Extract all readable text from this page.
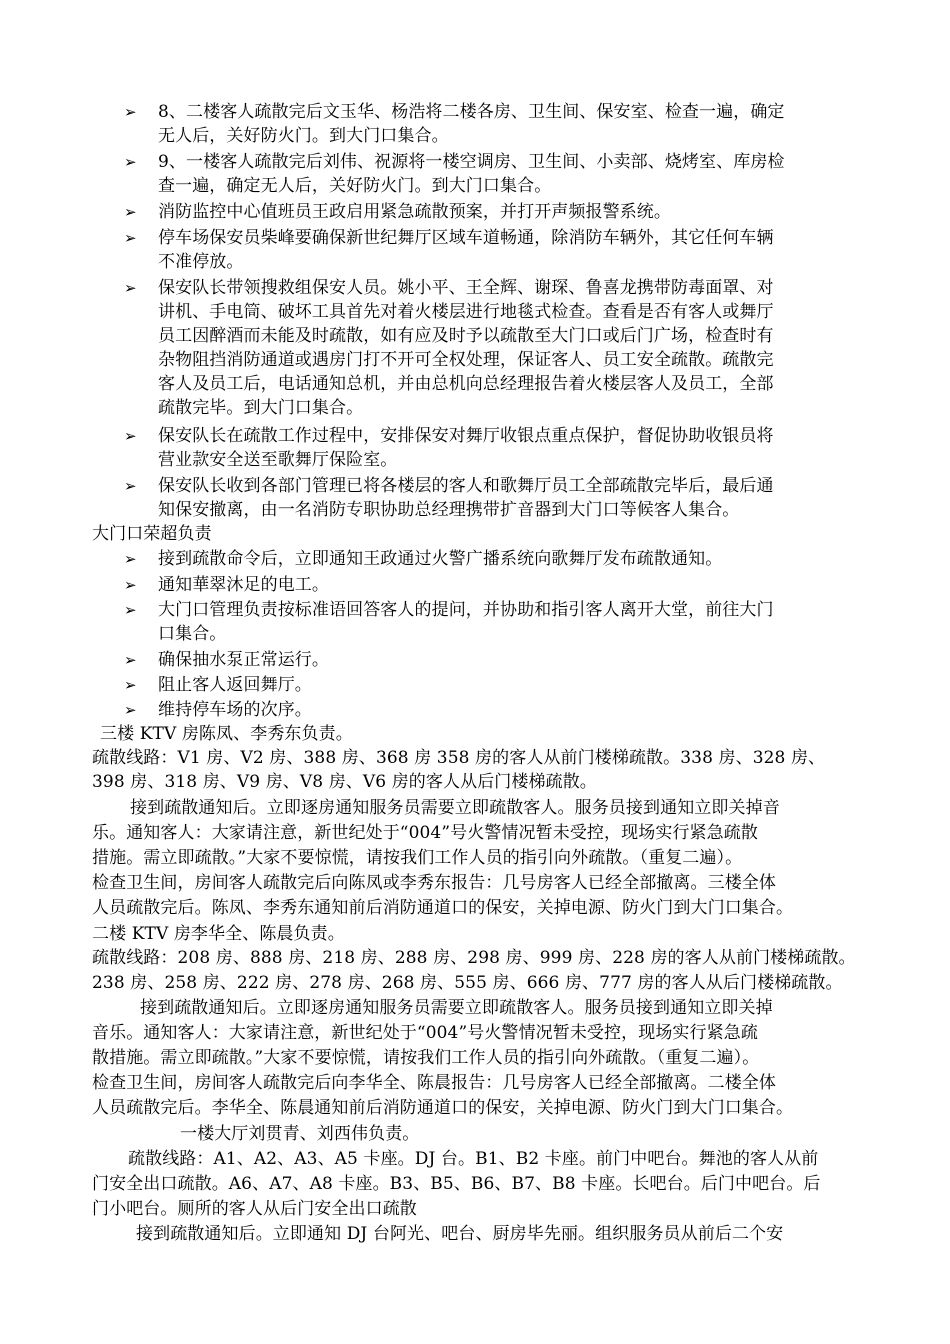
➢ 8、二楼客人疏散完后文玉华、杨浩将二楼各房、卫生间、保安室、检查一遍，确定
无人后，关好防火门。到大门口集合。
➢ 9、一楼客人疏散完后刘伟、祝源将一楼空调房、卫生间、小卖部、烧烤室、库房检
查一遍，确定无人后，关好防火门。到大门口集合。
➢ 消防监控中心值班员王政启用紧急疏散预案，并打开声频报警系统。
➢ 停车场保安员柴峰要确保新世纪舞厅区域车道畅通，除消防车辆外，其它任何车辆
不准停放。
➢ 保安队长带领搜救组保安人员。姚小平、王全辉、谢琛、鲁喜龙携带防毒面罩、对
讲机、手电筒、破坏工具首先对着火楼层进行地毯式检查。查看是否有客人或舞厅
员工因醉酒而未能及时疏散，如有应及时予以疏散至大门口或后门广场，检查时有
杂物阻挡消防通道或遇房门打不开可全权处理，保证客人、员工安全疏散。疏散完
客人及员工后，电话通知总机，并由总机向总经理报告着火楼层客人及员工，全部
疏散完毕。到大门口集合。
➢ 保安队长在疏散工作过程中，安排保安对舞厅收银点重点保护，督促协助收银员将
营业款安全送至歌舞厅保险室。
➢ 保安队长收到各部门管理已将各楼层的客人和歌舞厅员工全部疏散完毕后，最后通
知保安撤离，由一名消防专职协助总经理携带扩音器到大门口等候客人集合。
大门口荣超负责
➢ 接到疏散命令后，立即通知王政通过火警广播系统向歌舞厅发布疏散通知。
➢ 通知華翠沐足的电工。
➢ 大门口管理负责按标准语回答客人的提问，并协助和指引客人离开大堂，前往大门
口集合。
➢ 确保抽水泵正常运行。
➢ 阻止客人返回舞厅。
➢ 维持停车场的次序。
三楼 KTV 房陈凤、李秀东负责。
疏散线路：V1 房、V2 房、388 房、368 房 358 房的客人从前门楼梯疏散。338 房、328 房、
398 房、318 房、V9 房、V8 房、V6 房的客人从后门楼梯疏散。
接到疏散通知后。立即逐房通知服务员需要立即疏散客人。服务员接到通知立即关掉音
乐。通知客人：大家请注意，新世纪处于“004”号火警情况暂未受控，现场实行紧急疏散
措施。需立即疏散。”大家不要惊慌，请按我们工作人员的指引向外疏散。（重复二遍）。
检查卫生间，房间客人疏散完后向陈凤或李秀东报告：几号房客人已经全部撤离。三楼全体
人员疏散完后。陈凤、李秀东通知前后消防通道口的保安，关掉电源、防火门到大门口集合。
二楼 KTV 房李华全、陈晨负责。
疏散线路：208 房、888 房、218 房、288 房、298 房、999 房、228 房的客人从前门楼梯疏散。
238 房、258 房、222 房、278 房、268 房、555 房、666 房、777 房的客人从后门楼梯疏散。
接到疏散通知后。立即逐房通知服务员需要立即疏散客人。服务员接到通知立即关掉
音乐。通知客人：大家请注意，新世纪处于“004”号火警情况暂未受控，现场实行紧急疏
散措施。需立即疏散。”大家不要惊慌，请按我们工作人员的指引向外疏散。（重复二遍）。
检查卫生间，房间客人疏散完后向李华全、陈晨报告：几号房客人已经全部撤离。二楼全体
人员疏散完后。李华全、陈晨通知前后消防通道口的保安，关掉电源、防火门到大门口集合。
一楼大厅刘贯青、刘西伟负责。
疏散线路：A1、A2、A3、A5 卡座。DJ 台。B1、B2 卡座。前门中吧台。舞池的客人从前
门安全出口疏散。A6、A7、A8 卡座。B3、B5、B6、B7、B8 卡座。长吧台。后门中吧台。后
门小吧台。厕所的客人从后门安全出口疏散
接到疏散通知后。立即通知 DJ 台阿光、吧台、厨房毕先丽。组织服务员从前后二个安
